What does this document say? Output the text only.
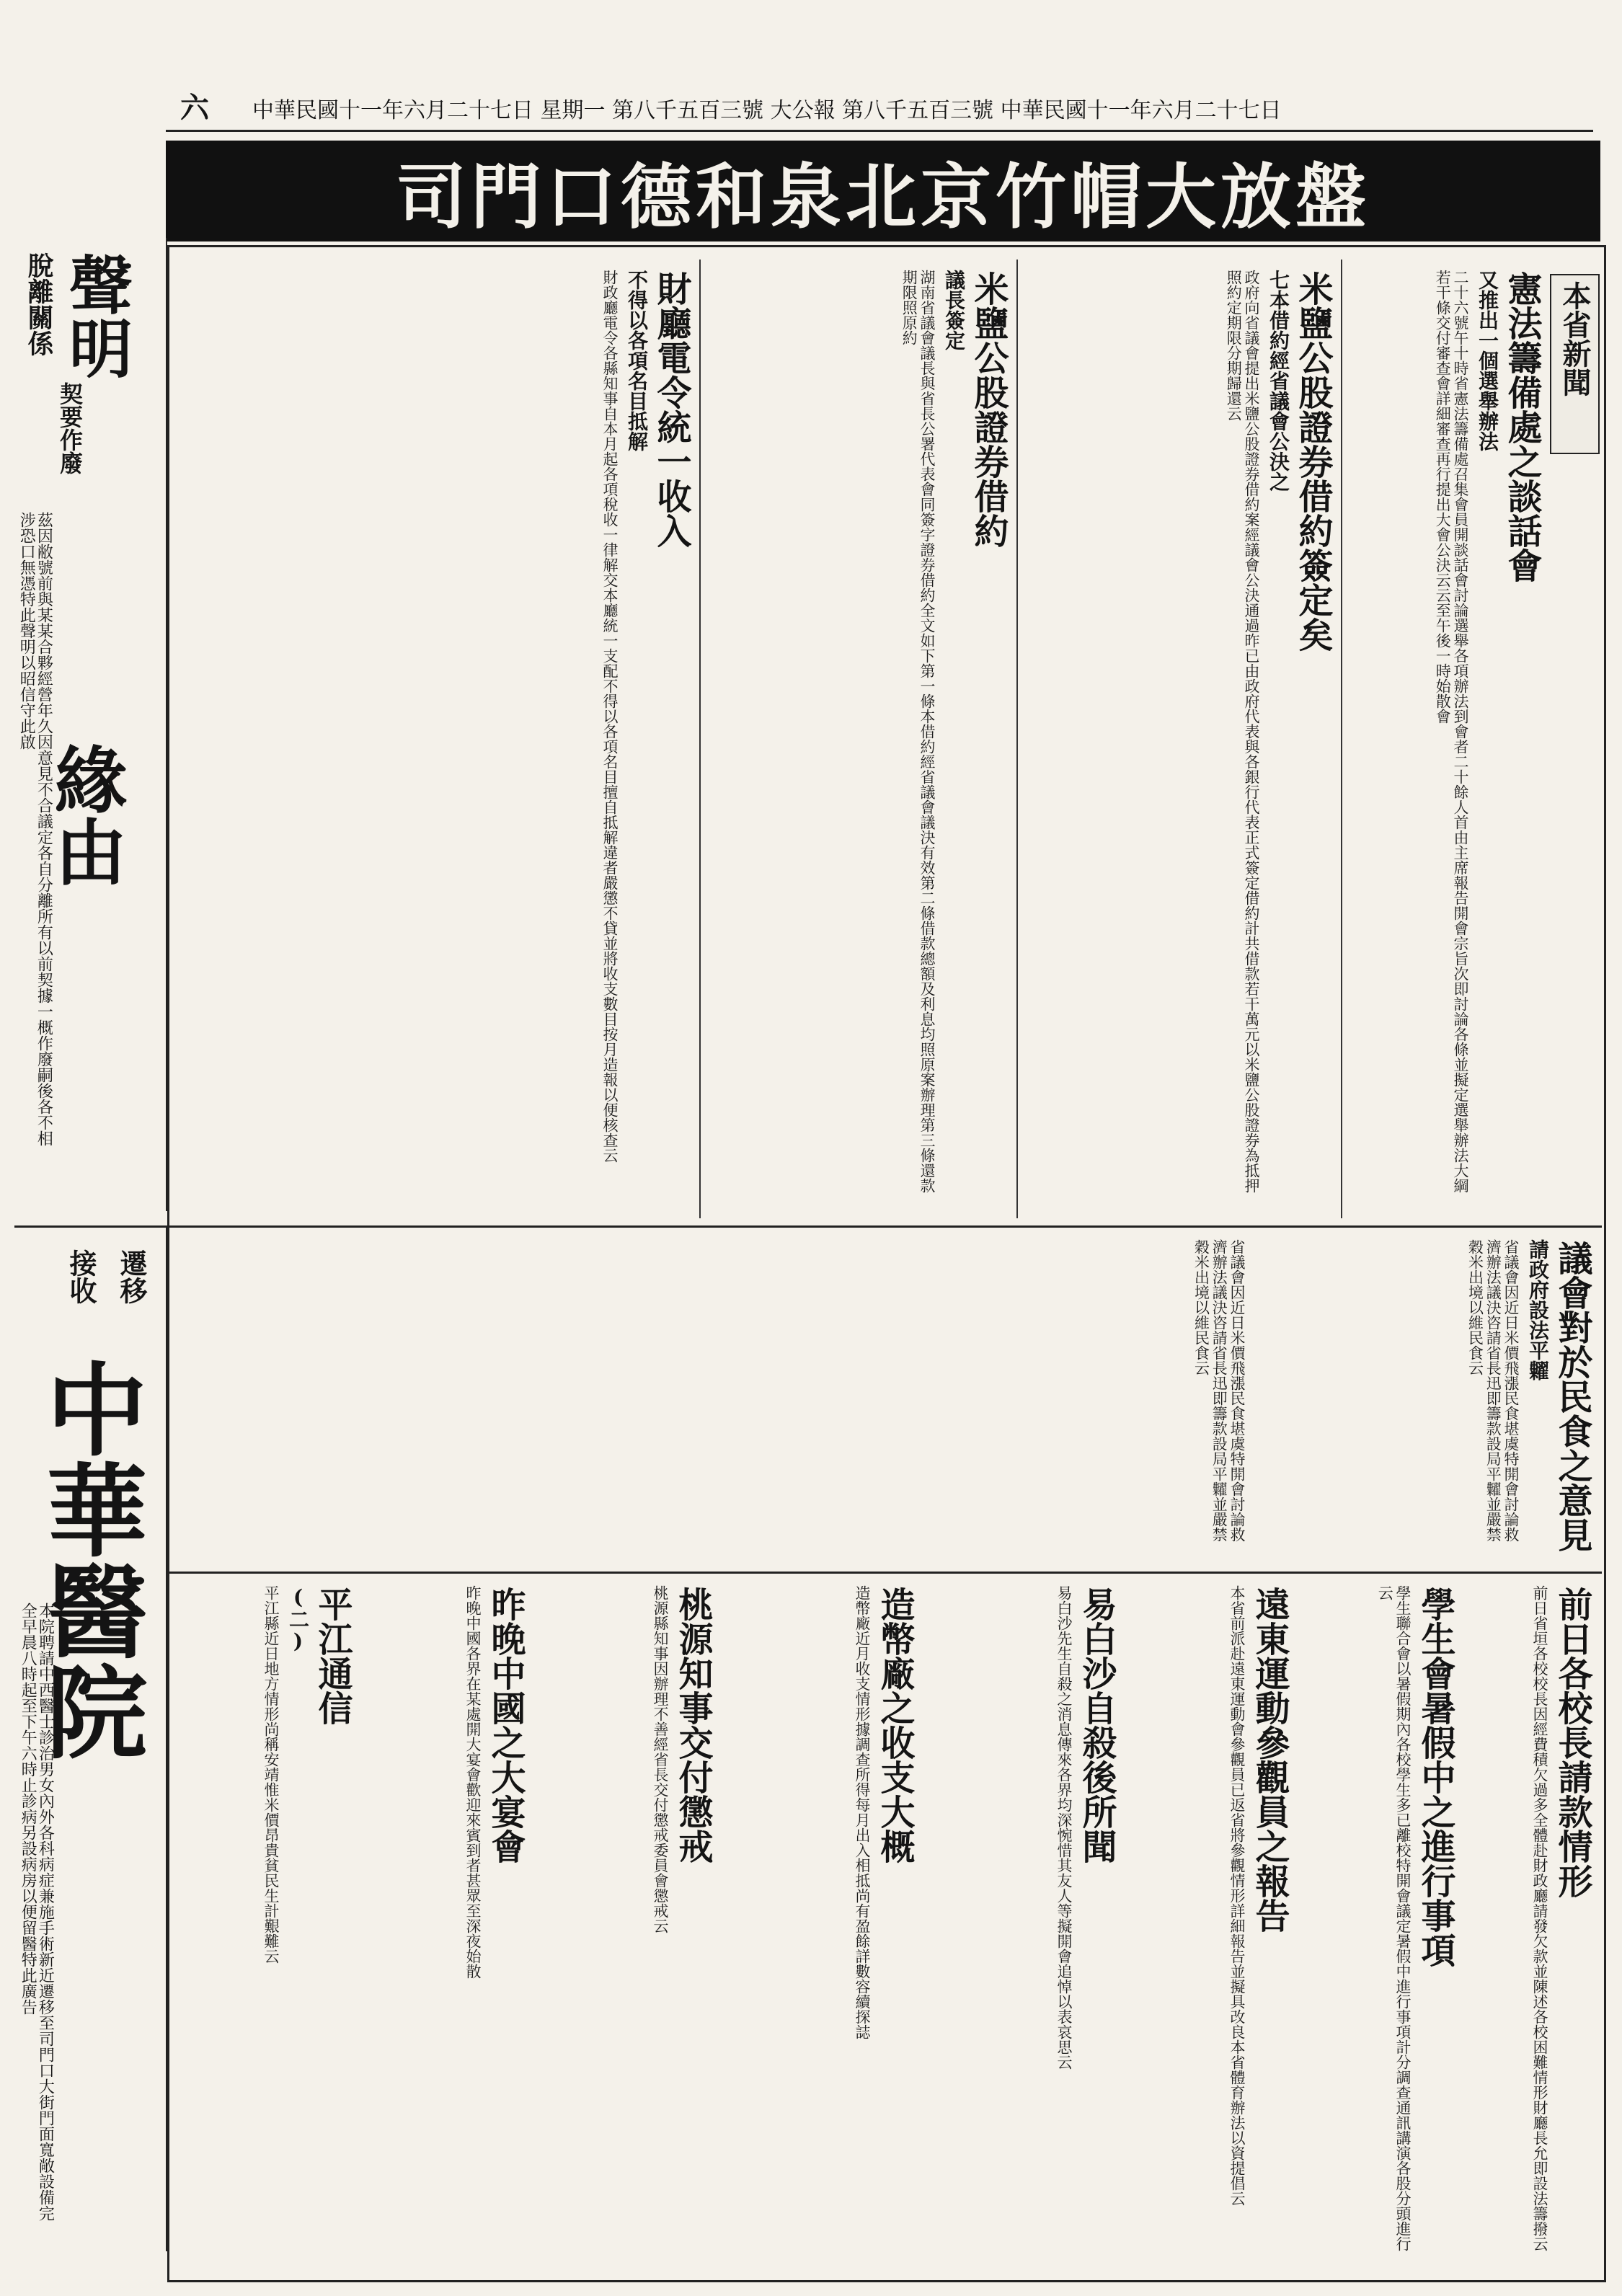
六 中華民國十一年六月二十七日 星期一 第八千五百三號 大公報 第八千五百三號 中華民國十一年六月二十七日
司門口德和泉北京竹帽大放盤
聲明
脫離關係
契要作廢
緣由
茲因敝號前與某某合夥經營年久因意見不合議定各自分離所有以前契據一概作廢嗣後各不相涉恐口無憑特此聲明以昭信守此啟
遷移
接收
中華醫院
本院聘請中西醫士診治男女內外各科病症兼施手術新近遷移至司門口大街門面寬敞設備完全早晨八時起至下午六時止診病另設病房以便留醫特此廣告
本省新聞
憲法籌備處之談話會
又推出一個選舉辦法
二十六號午十時省憲法籌備處召集會員開談話會討論選舉各項辦法到會者二十餘人首由主席報告開會宗旨次即討論各條並擬定選舉辦法大綱若干條交付審查會詳細審查再行提出大會公決云云至午後一時始散會
米鹽公股證券借約簽定矣
七本借約經省議會公決之
政府向省議會提出米鹽公股證券借約案經議會公決通過昨已由政府代表與各銀行代表正式簽定借約計共借款若干萬元以米鹽公股證券為抵押照約定期限分期歸還云
米鹽公股證券借約
議長簽定
湖南省議會議長與省長公署代表會同簽字證券借約全文如下第一條本借約經省議會議決有效第二條借款總額及利息均照原案辦理第三條還款期限照原約
財廳電令統一收入
不得以各項名目抵解
財政廳電令各縣知事自本月起各項稅收一律解交本廳統一支配不得以各項名目擅自抵解違者嚴懲不貸並將收支數目按月造報以便核查云
議會對於民食之意見
請政府設法平糶
省議會因近日米價飛漲民食堪虞特開會討論救濟辦法議決咨請省長迅即籌款設局平糶並嚴禁穀米出境以維民食云
省議會因近日米價飛漲民食堪虞特開會討論救濟辦法議決咨請省長迅即籌款設局平糶並嚴禁穀米出境以維民食云
前日各校長請款情形
前日省垣各校校長因經費積欠過多全體赴財政廳請發欠款並陳述各校困難情形財廳長允即設法籌撥云
學生會暑假中之進行事項
學生聯合會以暑假期內各校學生多已離校特開會議定暑假中進行事項計分調查通訊講演各股分頭進行云
遠東運動參觀員之報告
本省前派赴遠東運動會參觀員已返省將參觀情形詳細報告並擬具改良本省體育辦法以資提倡云
易白沙自殺後所聞
易白沙先生自殺之消息傳來各界均深惋惜其友人等擬開會追悼以表哀思云
造幣廠之收支大概
造幣廠近月收支情形據調查所得每月出入相抵尚有盈餘詳數容續探誌
桃源知事交付懲戒
桃源縣知事因辦理不善經省長交付懲戒委員會懲戒云
昨晚中國之大宴會
昨晚中國各界在某處開大宴會歡迎來賓到者甚眾至深夜始散
平江通信
(二)
平江縣近日地方情形尚稱安靖惟米價昂貴貧民生計艱難云
